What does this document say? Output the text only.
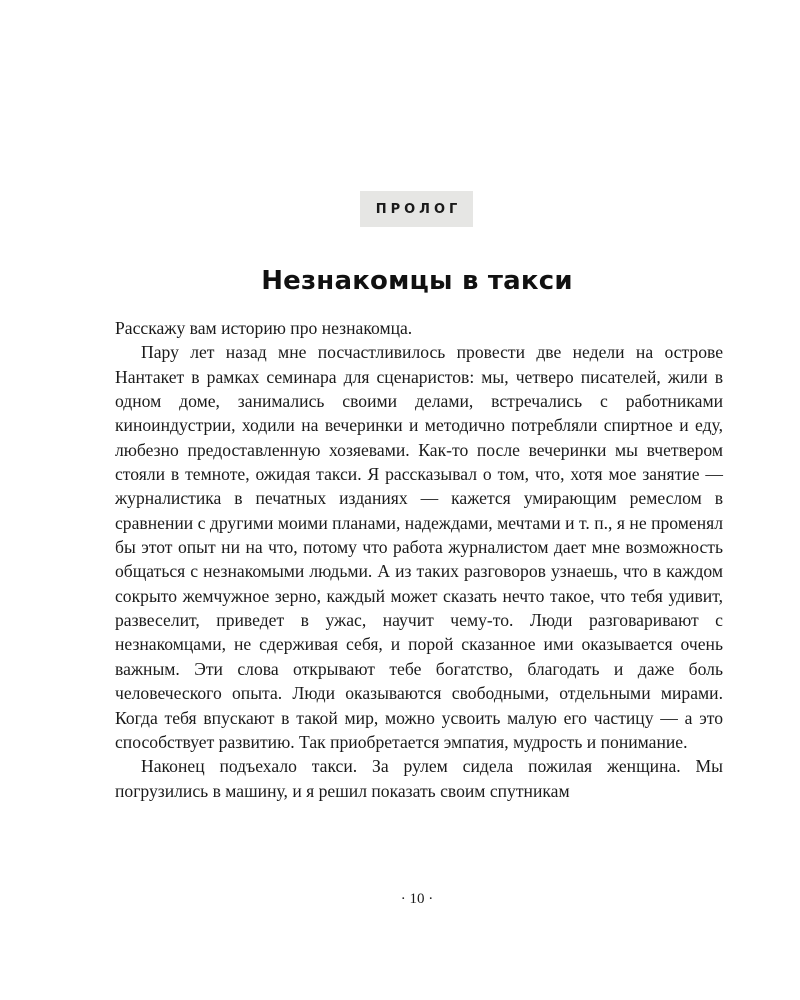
ПРОЛОГ
Незнакомцы в такси

Расскажу вам историю про незнакомца.

Пару лет назад мне посчастливилось провести две недели на острове Нантакет в рамках семинара для сценаристов: мы, четверо писателей, жили в одном доме, занимались своими делами, встречались с работниками киноиндустрии, ходили на вечеринки и методично потребляли спиртное и еду, любезно предоставленную хозяевами. Как-то после вечеринки мы вчетвером стояли в темноте, ожидая такси. Я рассказывал о том, что, хотя мое занятие — журналистика в печатных изданиях — кажется умирающим ремеслом в сравнении с другими моими планами, надеждами, мечтами и т. п., я не променял бы этот опыт ни на что, потому что работа журналистом дает мне возможность общаться с незнакомыми людьми. А из таких разговоров узнаешь, что в каждом сокрыто жемчужное зерно, каждый может сказать нечто такое, что тебя удивит, развеселит, приведет в ужас, научит чему-то. Люди разговаривают с незнакомцами, не сдерживая себя, и порой сказанное ими оказывается очень важным. Эти слова открывают тебе богатство, благодать и даже боль человеческого опыта. Люди оказываются свободными, отдельными мирами. Когда тебя впускают в такой мир, можно усвоить малую его частицу — а это способствует развитию. Так приобретается эмпатия, мудрость и понимание.

Наконец подъехало такси. За рулем сидела пожилая женщина. Мы погрузились в машину, и я решил показать своим спутникам

· 10 ·
